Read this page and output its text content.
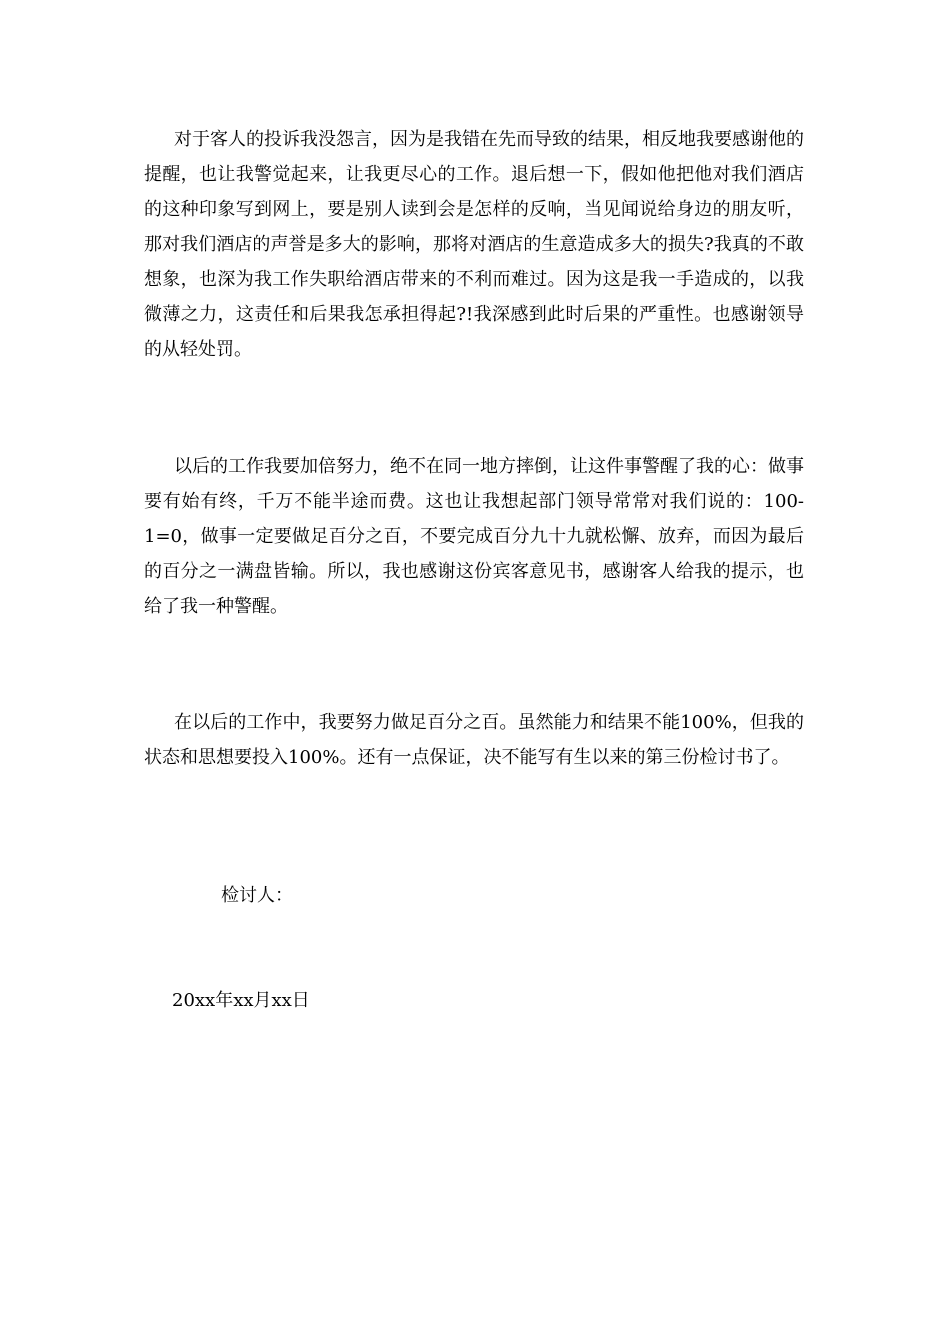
对于客人的投诉我没怨言，因为是我错在先而导致的结果，相反地我要感谢他的提醒，也让我警觉起来，让我更尽心的工作。退后想一下，假如他把他对我们酒店的这种印象写到网上，要是别人读到会是怎样的反响，当见闻说给身边的朋友听，那对我们酒店的声誉是多大的影响，那将对酒店的生意造成多大的损失?我真的不敢想象，也深为我工作失职给酒店带来的不利而难过。因为这是我一手造成的，以我微薄之力，这责任和后果我怎承担得起?!我深感到此时后果的严重性。也感谢领导的从轻处罚。

以后的工作我要加倍努力，绝不在同一地方摔倒，让这件事警醒了我的心：做事要有始有终，千万不能半途而费。这也让我想起部门领导常常对我们说的：100-1=0，做事一定要做足百分之百，不要完成百分九十九就松懈、放弃，而因为最后的百分之一满盘皆输。所以，我也感谢这份宾客意见书，感谢客人给我的提示，也给了我一种警醒。

在以后的工作中，我要努力做足百分之百。虽然能力和结果不能100%，但我的状态和思想要投入100%。还有一点保证，决不能写有生以来的第三份检讨书了。

检讨人：

20xx年xx月xx日
